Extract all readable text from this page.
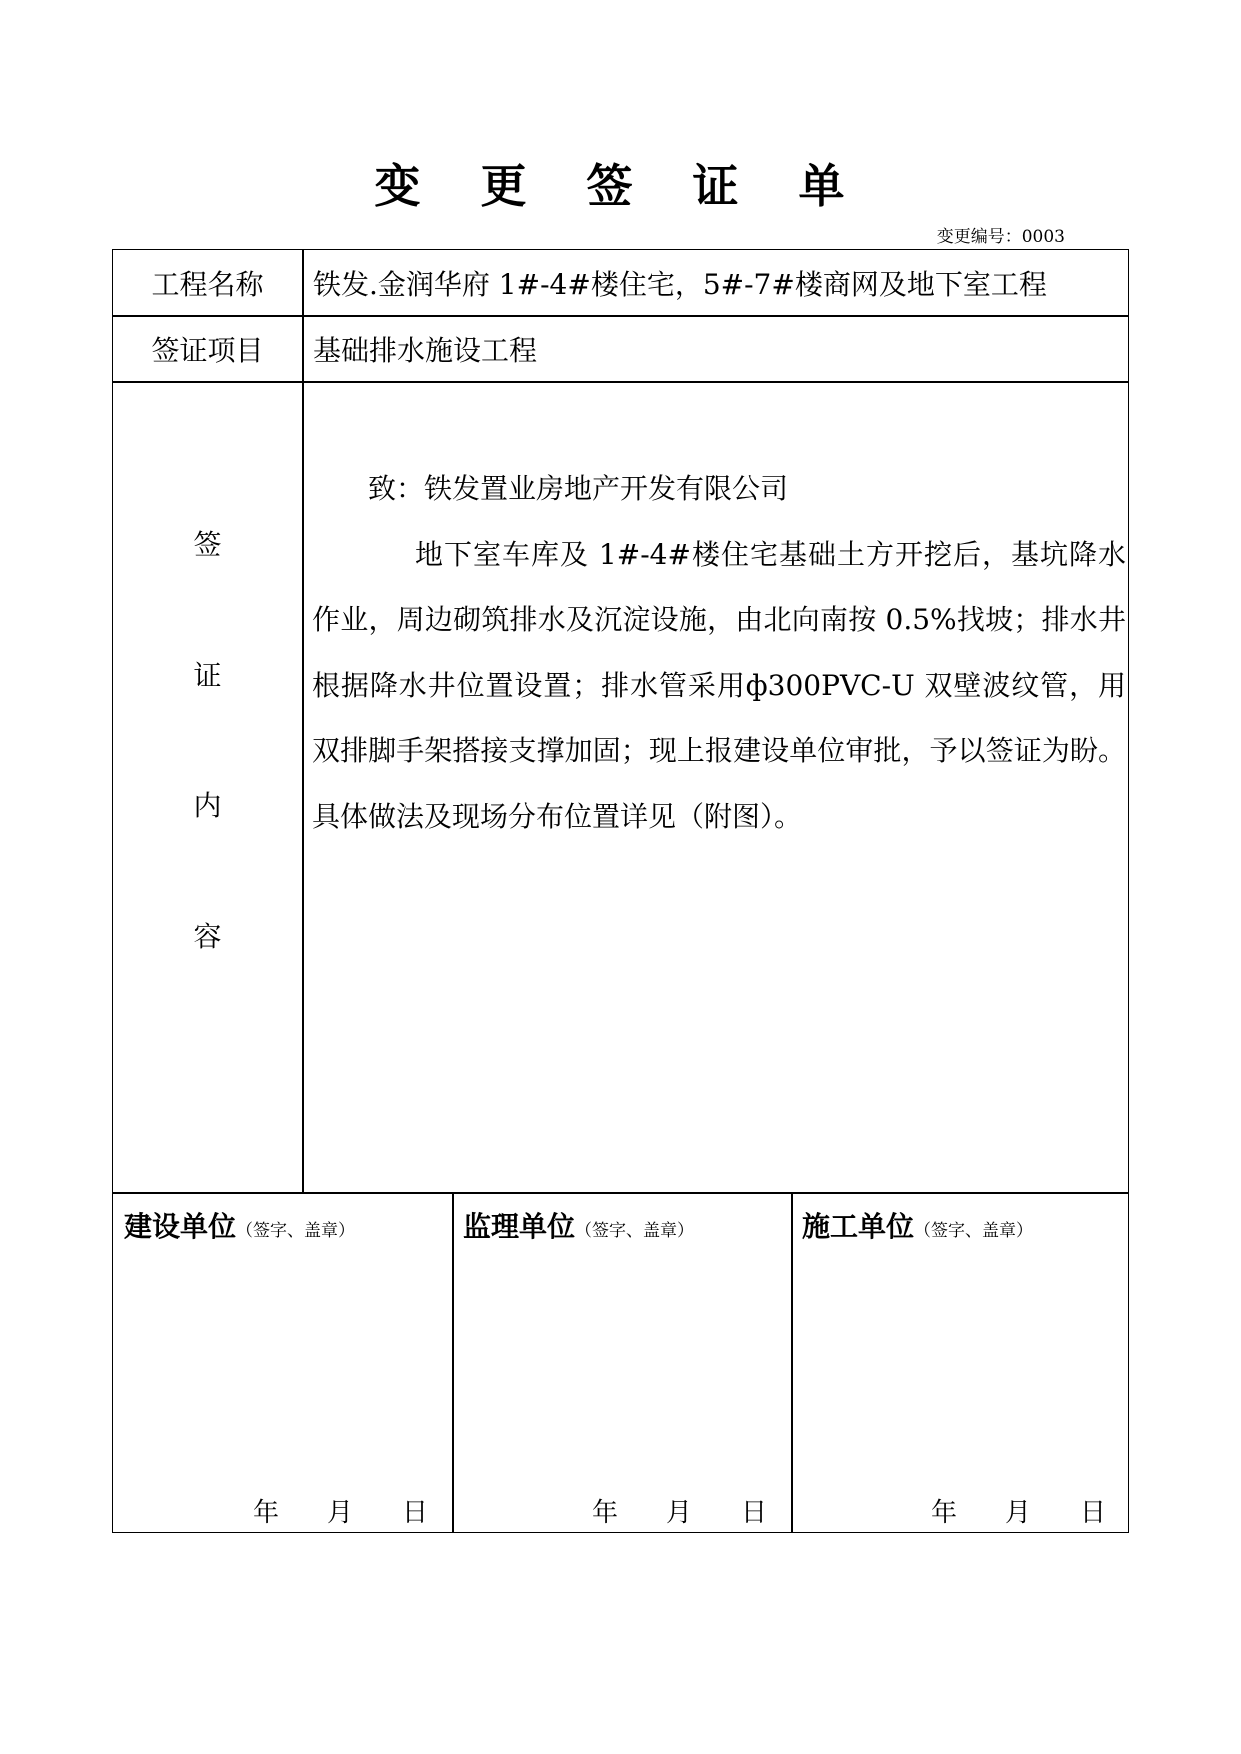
变 更 签 证 单
变更编号：0003
工程名称	铁发.金润华府 1#-4#楼住宅，5#-7#楼商网及地下室工程
签证项目	基础排水施设工程
签
证
内
容
致：铁发置业房地产开发有限公司
地下室车库及 1#-4#楼住宅基础土方开挖后，基坑降水作业，周边砌筑排水及沉淀设施，由北向南按 0.5%找坡；排水井根据降水井位置设置；排水管采用ф300PVC-U 双壁波纹管，用双排脚手架搭接支撑加固；现上报建设单位审批，予以签证为盼。具体做法及现场分布位置详见（附图）。
建设单位（签字、盖章）	监理单位（签字、盖章）	施工单位（签字、盖章）
年 月 日	年 月 日	年 月 日
